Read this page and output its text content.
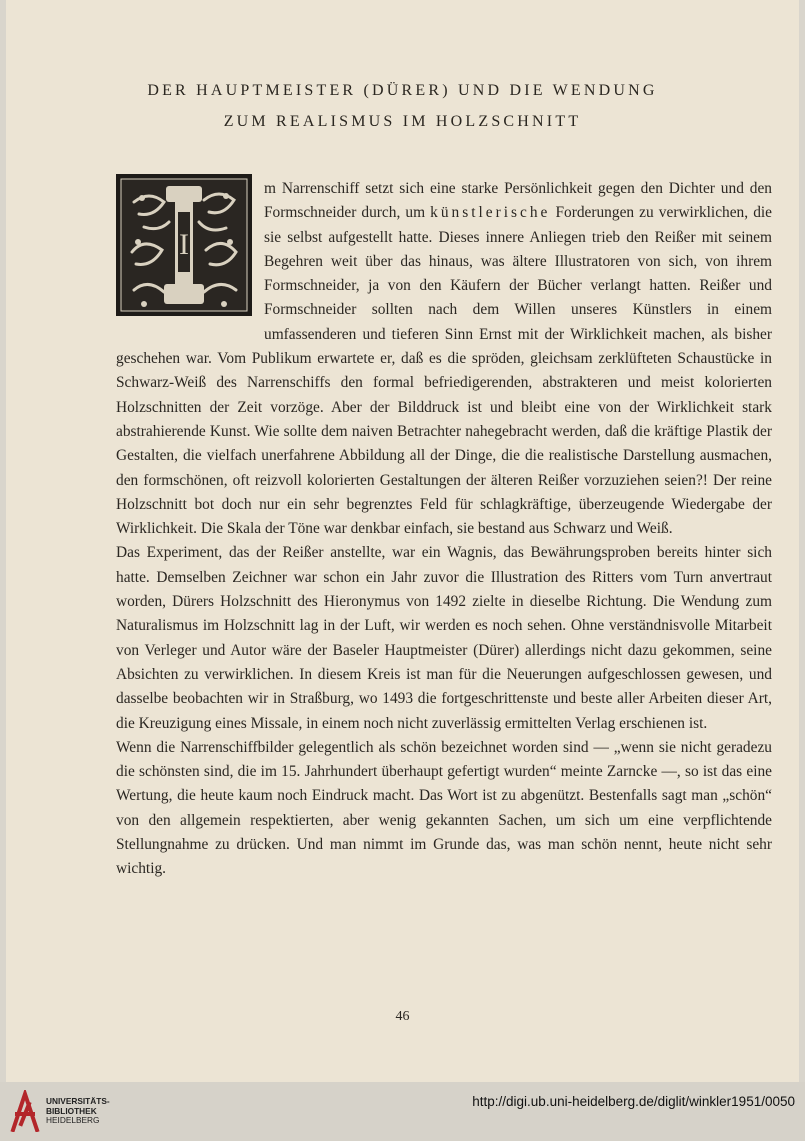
DER HAUPTMEISTER (DÜRER) UND DIE WENDUNG
ZUM REALISMUS IM HOLZSCHNITT
I

m Narrenschiff setzt sich eine starke Persönlichkeit gegen den Dichter und den Formschneider durch, um künstlerische Forderungen zu verwirklichen, die sie selbst aufgestellt hatte. Dieses innere Anliegen trieb den Reißer mit seinem Begehren weit über das hinaus, was ältere Illustratoren von sich, von ihrem Formschneider, ja von den Käufern der Bücher verlangt hatten. Reißer und Formschneider sollten nach dem Willen unseres Künstlers in einem umfassenderen und tieferen Sinn Ernst mit der Wirklichkeit machen, als bisher geschehen war. Vom Publikum erwartete er, daß es die spröden, gleichsam zerklüfteten Schaustücke in Schwarz-Weiß des Narrenschiffs den formal befriedigerenden, abstrakteren und meist kolorierten Holzschnitten der Zeit vorzöge. Aber der Bilddruck ist und bleibt eine von der Wirklichkeit stark abstrahierende Kunst. Wie sollte dem naiven Betrachter nahegebracht werden, daß die kräftige Plastik der Gestalten, die vielfach unerfahrene Abbildung all der Dinge, die die realistische Darstellung ausmachen, den formschönen, oft reizvoll kolorierten Gestaltungen der älteren Reißer vorzuziehen seien?! Der reine Holzschnitt bot doch nur ein sehr begrenztes Feld für schlagkräftige, überzeugende Wiedergabe der Wirklichkeit. Die Skala der Töne war denkbar einfach, sie bestand aus Schwarz und Weiß.

Das Experiment, das der Reißer anstellte, war ein Wagnis, das Bewährungsproben bereits hinter sich hatte. Demselben Zeichner war schon ein Jahr zuvor die Illustration des Ritters vom Turn anvertraut worden, Dürers Holzschnitt des Hieronymus von 1492 zielte in dieselbe Richtung. Die Wendung zum Naturalismus im Holzschnitt lag in der Luft, wir werden es noch sehen. Ohne verständnisvolle Mitarbeit von Verleger und Autor wäre der Baseler Hauptmeister (Dürer) allerdings nicht dazu gekommen, seine Absichten zu verwirklichen. In diesem Kreis ist man für die Neuerungen aufgeschlossen gewesen, und dasselbe beobachten wir in Straßburg, wo 1493 die fortgeschrittenste und beste aller Arbeiten dieser Art, die Kreuzigung eines Missale, in einem noch nicht zuverlässig ermittelten Verlag erschienen ist.

Wenn die Narrenschiffbilder gelegentlich als schön bezeichnet worden sind — „wenn sie nicht geradezu die schönsten sind, die im 15. Jahrhundert überhaupt gefertigt wurden“ meinte Zarncke —, so ist das eine Wertung, die heute kaum noch Eindruck macht. Das Wort ist zu abgenützt. Bestenfalls sagt man „schön“ von den allgemein respektierten, aber wenig gekannten Sachen, um sich um eine verpflichtende Stellungnahme zu drücken. Und man nimmt im Grunde das, was man schön nennt, heute nicht sehr wichtig.

46
UNIVERSITÄTS-
BIBLIOTHEK
HEIDELBERG
http://digi.ub.uni-heidelberg.de/diglit/winkler1951/0050
